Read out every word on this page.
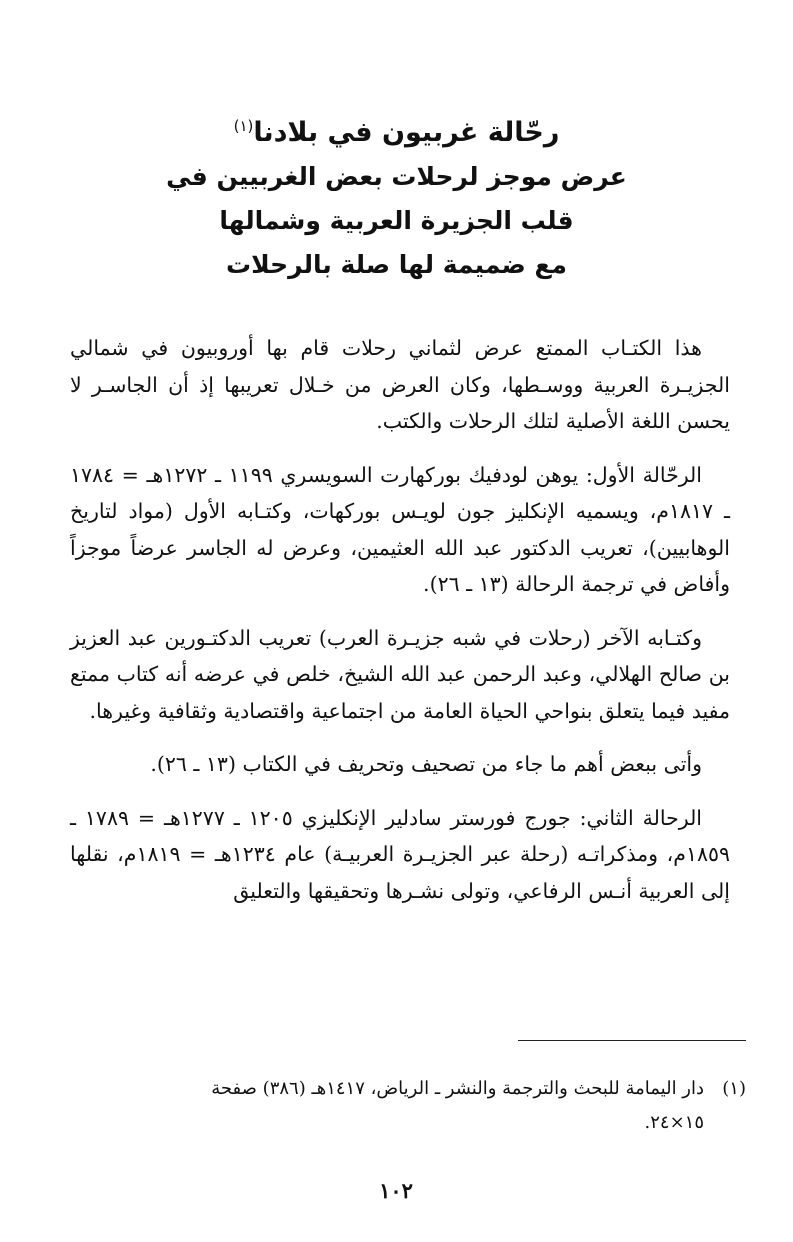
رحّالة غربيون في بلادنا$^{(١)}$
عرض موجز لرحلات بعض الغربيين في
قلب الجزيرة العربية وشمالها
مع ضميمة لها صلة بالرحلات

هذا الكتـاب الممتع عرض لثماني رحلات قام بها أوروبيون في شمالي الجزيـرة العربية ووسـطها، وكان العرض من خـلال تعريبها إذ أن الجاسـر لا يحسن اللغة الأصلية لتلك الرحلات والكتب.

الرحّالة الأول: يوهن لودفيك بوركهارت السويسري ١١٩٩ ـ ١٢٧٢هـ = ١٧٨٤ ـ ١٨١٧م، ويسميه الإنكليز جون لويـس بوركهات، وكتـابه الأول (مواد لتاريخ الوهابيين)، تعريب الدكتور عبد الله العثيمين، وعرض له الجاسر عرضاً موجزاً وأفاض في ترجمة الرحالة (١٣ ـ ٢٦).

وكتـابه الآخر (رحلات في شبه جزيـرة العرب) تعريب الدكتـورين عبد العزيز بن صالح الهلالي، وعبد الرحمن عبد الله الشيخ، خلص في عرضه أنه كتاب ممتع مفيد فيما يتعلق بنواحي الحياة العامة من اجتماعية واقتصادية وثقافية وغيرها.

وأتى ببعض أهم ما جاء من تصحيف وتحريف في الكتاب (١٣ ـ ٢٦).

الرحالة الثاني: جورج فورستر سادلير الإنكليزي ١٢٠٥ ـ ١٢٧٧هـ = ١٧٨٩ ـ ١٨٥٩م، ومذكراتـه (رحلة عبر الجزيـرة العربيـة) عام ١٢٣٤هـ = ١٨١٩م، نقلها إلى العربية أنـس الرفاعي، وتولى نشـرها وتحقيقها والتعليق

(١)دار اليمامة للبحث والترجمة والنشر ـ الرياض، ١٤١٧هـ (٣٨٦) صفحة
١٥×٢٤.
١٠٢
